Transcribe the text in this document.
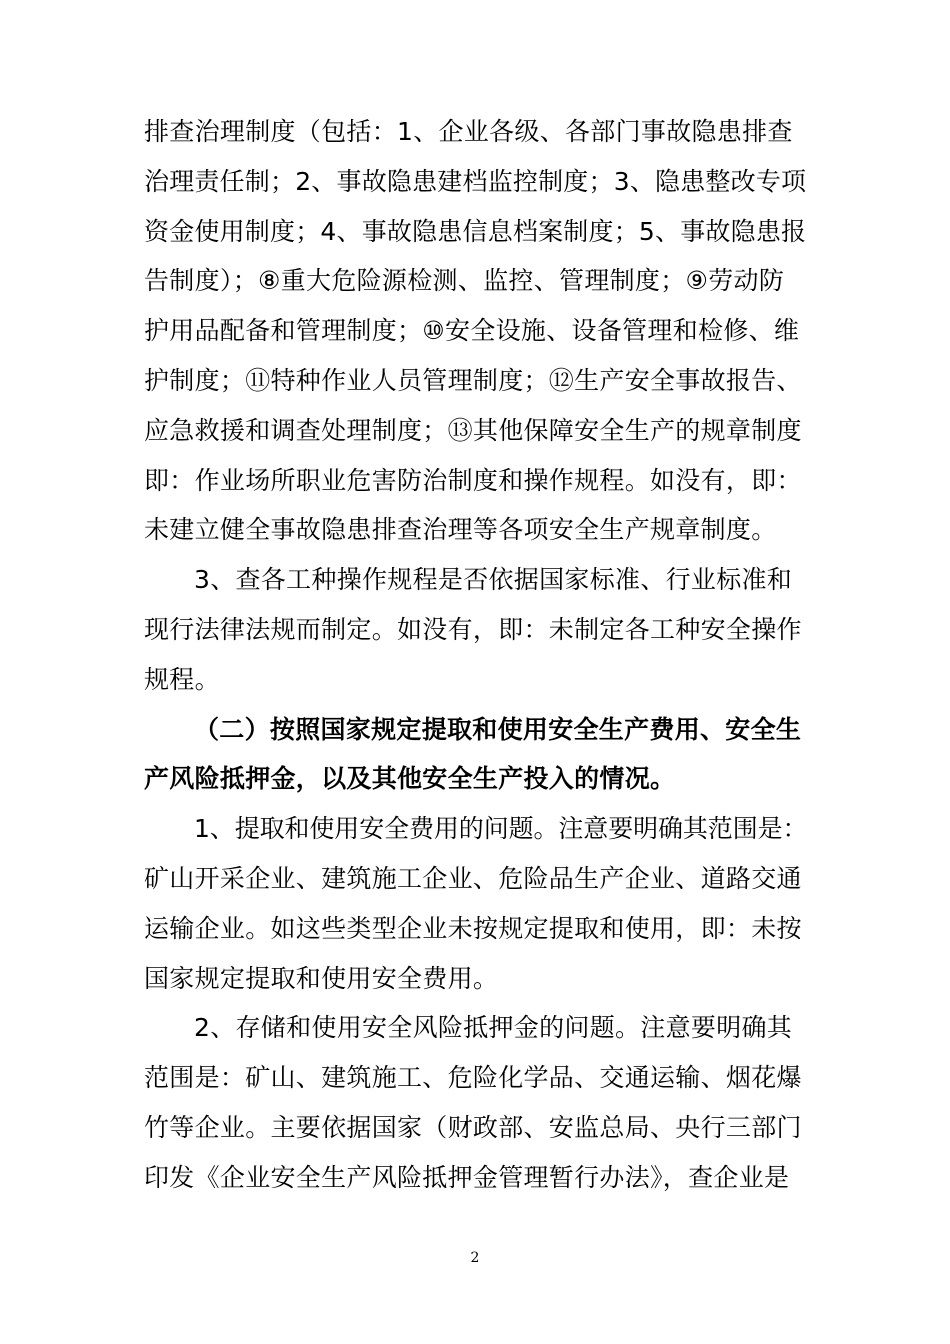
排查治理制度（包括：1、企业各级、各部门事故隐患排查
治理责任制；2、事故隐患建档监控制度；3、隐患整改专项
资金使用制度；4、事故隐患信息档案制度；5、事故隐患报
告制度）；⑧重大危险源检测、监控、管理制度；⑨劳动防
护用品配备和管理制度；⑩安全设施、设备管理和检修、维
护制度；⑪特种作业人员管理制度；⑫生产安全事故报告、
应急救援和调查处理制度；⑬其他保障安全生产的规章制度
即：作业场所职业危害防治制度和操作规程。如没有，即：
未建立健全事故隐患排查治理等各项安全生产规章制度。
3、查各工种操作规程是否依据国家标准、行业标准和
现行法律法规而制定。如没有，即：未制定各工种安全操作
规程。
（二）按照国家规定提取和使用安全生产费用、安全生
产风险抵押金，以及其他安全生产投入的情况。
1、提取和使用安全费用的问题。注意要明确其范围是：
矿山开采企业、建筑施工企业、危险品生产企业、道路交通
运输企业。如这些类型企业未按规定提取和使用，即：未按
国家规定提取和使用安全费用。
2、存储和使用安全风险抵押金的问题。注意要明确其
范围是：矿山、建筑施工、危险化学品、交通运输、烟花爆
竹等企业。主要依据国家（财政部、安监总局、央行三部门
印发《企业安全生产风险抵押金管理暂行办法》，查企业是
2
